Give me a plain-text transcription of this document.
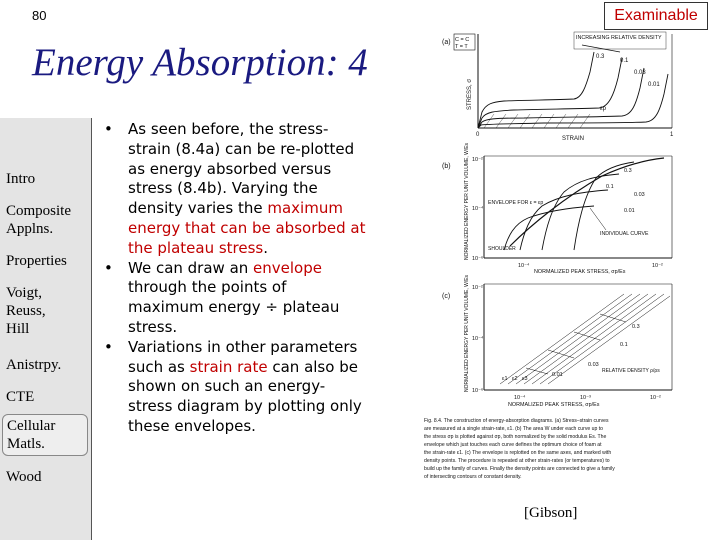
80	Examinable
Energy Absorption: 4
Intro
Composite Applns.
Properties
Voigt, Reuss, Hill
Anistrpy.
CTE
Cellular Matls.
Wood
• As seen before, the stress-
strain (8.4a) can be re-plotted
as energy absorbed versus
stress (8.4b). Varying the
density varies the maximum
energy that can be absorbed at
the plateau stress.
• We can draw an envelope
through the points of
maximum energy ÷ plateau
stress.
• Variations in other parameters
such as strain rate can also be
shown on such an energy-
stress diagram by plotting only
these envelopes.
(a) C = C
T = T
STRESS, σ
0	1
STRAIN
INCREASING RELATIVE DENSITY
0.3
0.1
0.03
0.01
εp
(b)	NORMALIZED ENERGY PER UNIT VOLUME, W/Es 10⁻²
10⁻⁴
10⁻⁶
10⁻⁴	10⁻²
NORMALIZED PEAK STRESS, σp/Es
ENVELOPE FOR ε = εp
INDIVIDUAL CURVE
SHOULDER
0.3
0.1
0.03
0.01
(c)	NORMALIZED ENERGY PER UNIT VOLUME, W/Es 10⁻²
10⁻⁴
10⁻⁶
10⁻⁴	10⁻³	10⁻²
NORMALIZED PEAK STRESS, σp/Es
0.3
0.1
0.03
0.01
RELATIVE DENSITY ρ/ρs
ε1 ε2 ε3
Fig. 8.4. The construction of energy-absorption diagrams. (a) Stress–strain curves
are measured at a single strain-rate, ε1. (b) The area W under each curve up to
the stress σp is plotted against σp, both normalized by the solid modulus Es. The
envelope which just touches each curve defines the optimum choice of foam at
the strain-rate ε1. (c) The envelope is replotted on the same axes, and marked with
density points. The procedure is repeated at other strain-rates (or temperatures) to
build up the family of curves. Finally the density points are connected to give a family
of intersecting contours of constant density.
[Gibson]
